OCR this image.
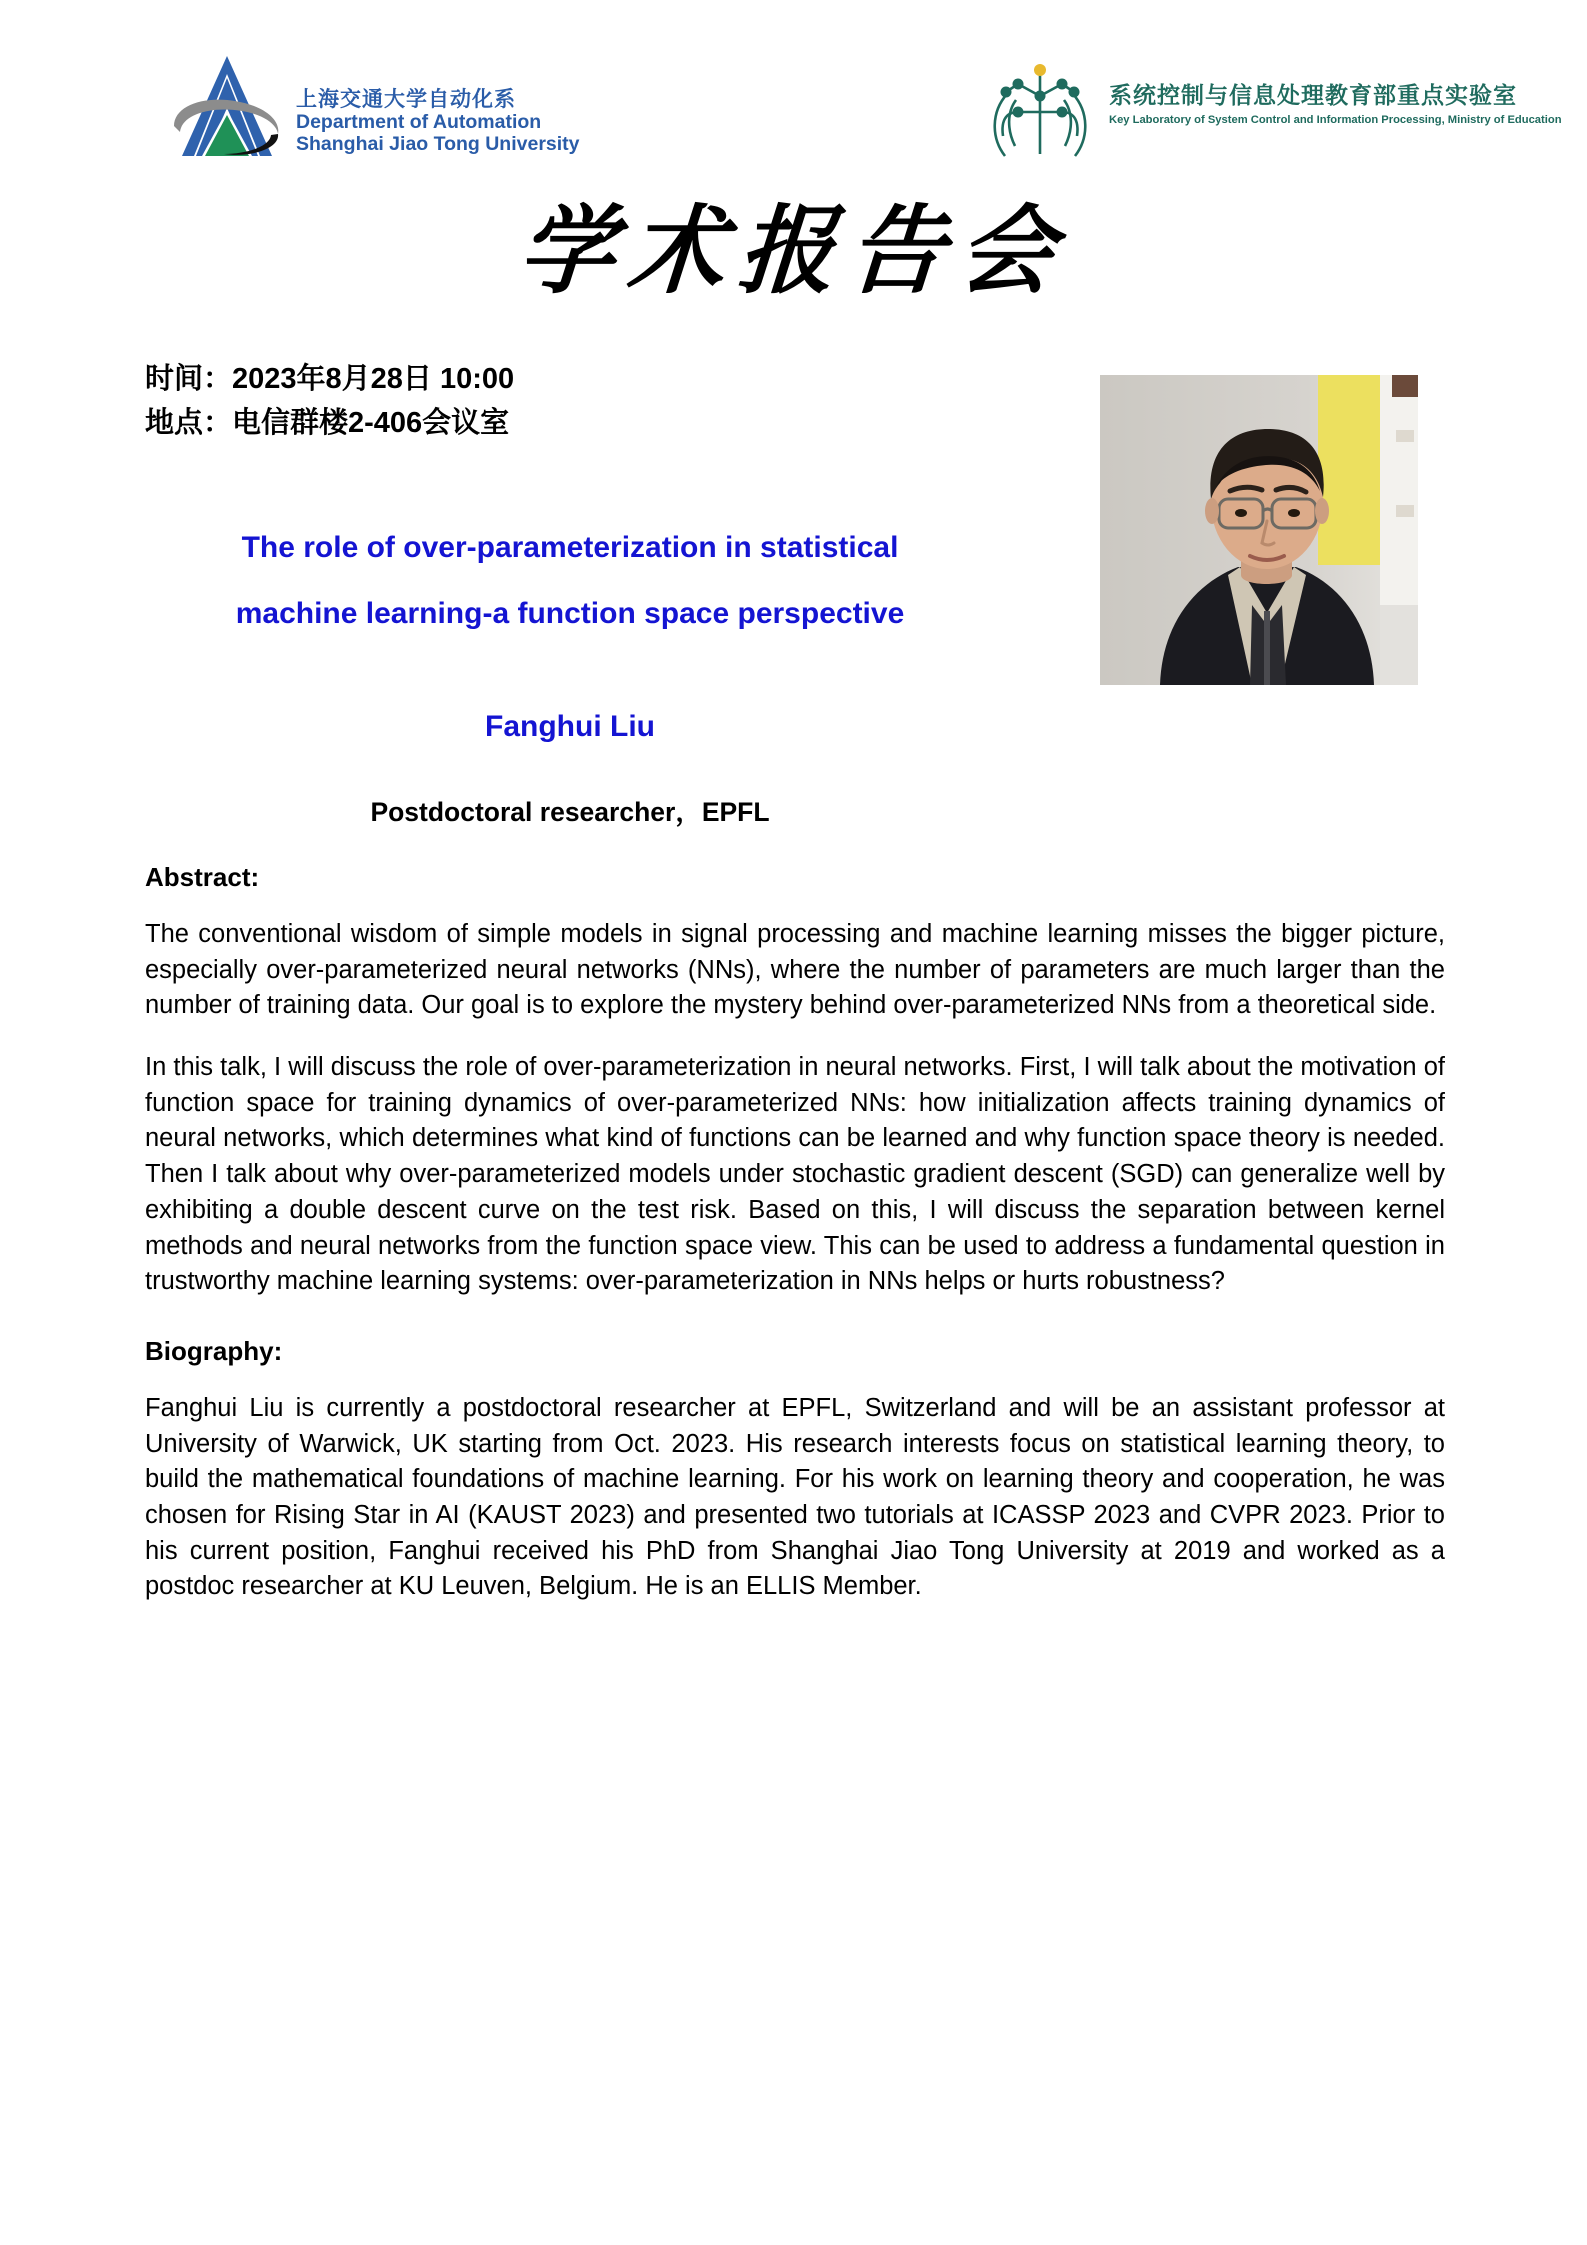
上海交通大学自动化系
Department of Automation
Shanghai Jiao Tong University
系统控制与信息处理教育部重点实验室
Key Laboratory of System Control and Information Processing, Ministry of Education
学术报告会
时间：2023年8月28日 10:00
地点：电信群楼2-406会议室
The role of over-parameterization in statistical
machine learning-a function space perspective
Fanghui Liu
Postdoctoral researcher，EPFL
Abstract:

The conventional wisdom of simple models in signal processing and machine learning misses the bigger picture, especially over-parameterized neural networks (NNs), where the number of parameters are much larger than the number of training data. Our goal is to explore the mystery behind over-parameterized NNs from a theoretical side.

In this talk, I will discuss the role of over-parameterization in neural networks. First, I will talk about the motivation of function space for training dynamics of over-parameterized NNs: how initialization affects training dynamics of neural networks, which determines what kind of functions can be learned and why function space theory is needed. Then I talk about why over-parameterized models under stochastic gradient descent (SGD) can generalize well by exhibiting a double descent curve on the test risk. Based on this, I will discuss the separation between kernel methods and neural networks from the function space view. This can be used to address a fundamental question in trustworthy machine learning systems: over-parameterization in NNs helps or hurts robustness?

Biography:

Fanghui Liu is currently a postdoctoral researcher at EPFL, Switzerland and will be an assistant professor at University of Warwick, UK starting from Oct. 2023. His research interests focus on statistical learning theory, to build the mathematical foundations of machine learning. For his work on learning theory and cooperation, he was chosen for Rising Star in AI (KAUST 2023) and presented two tutorials at ICASSP 2023 and CVPR 2023. Prior to his current position, Fanghui received his PhD from Shanghai Jiao Tong University at 2019 and worked as a postdoc researcher at KU Leuven, Belgium. He is an ELLIS Member.
